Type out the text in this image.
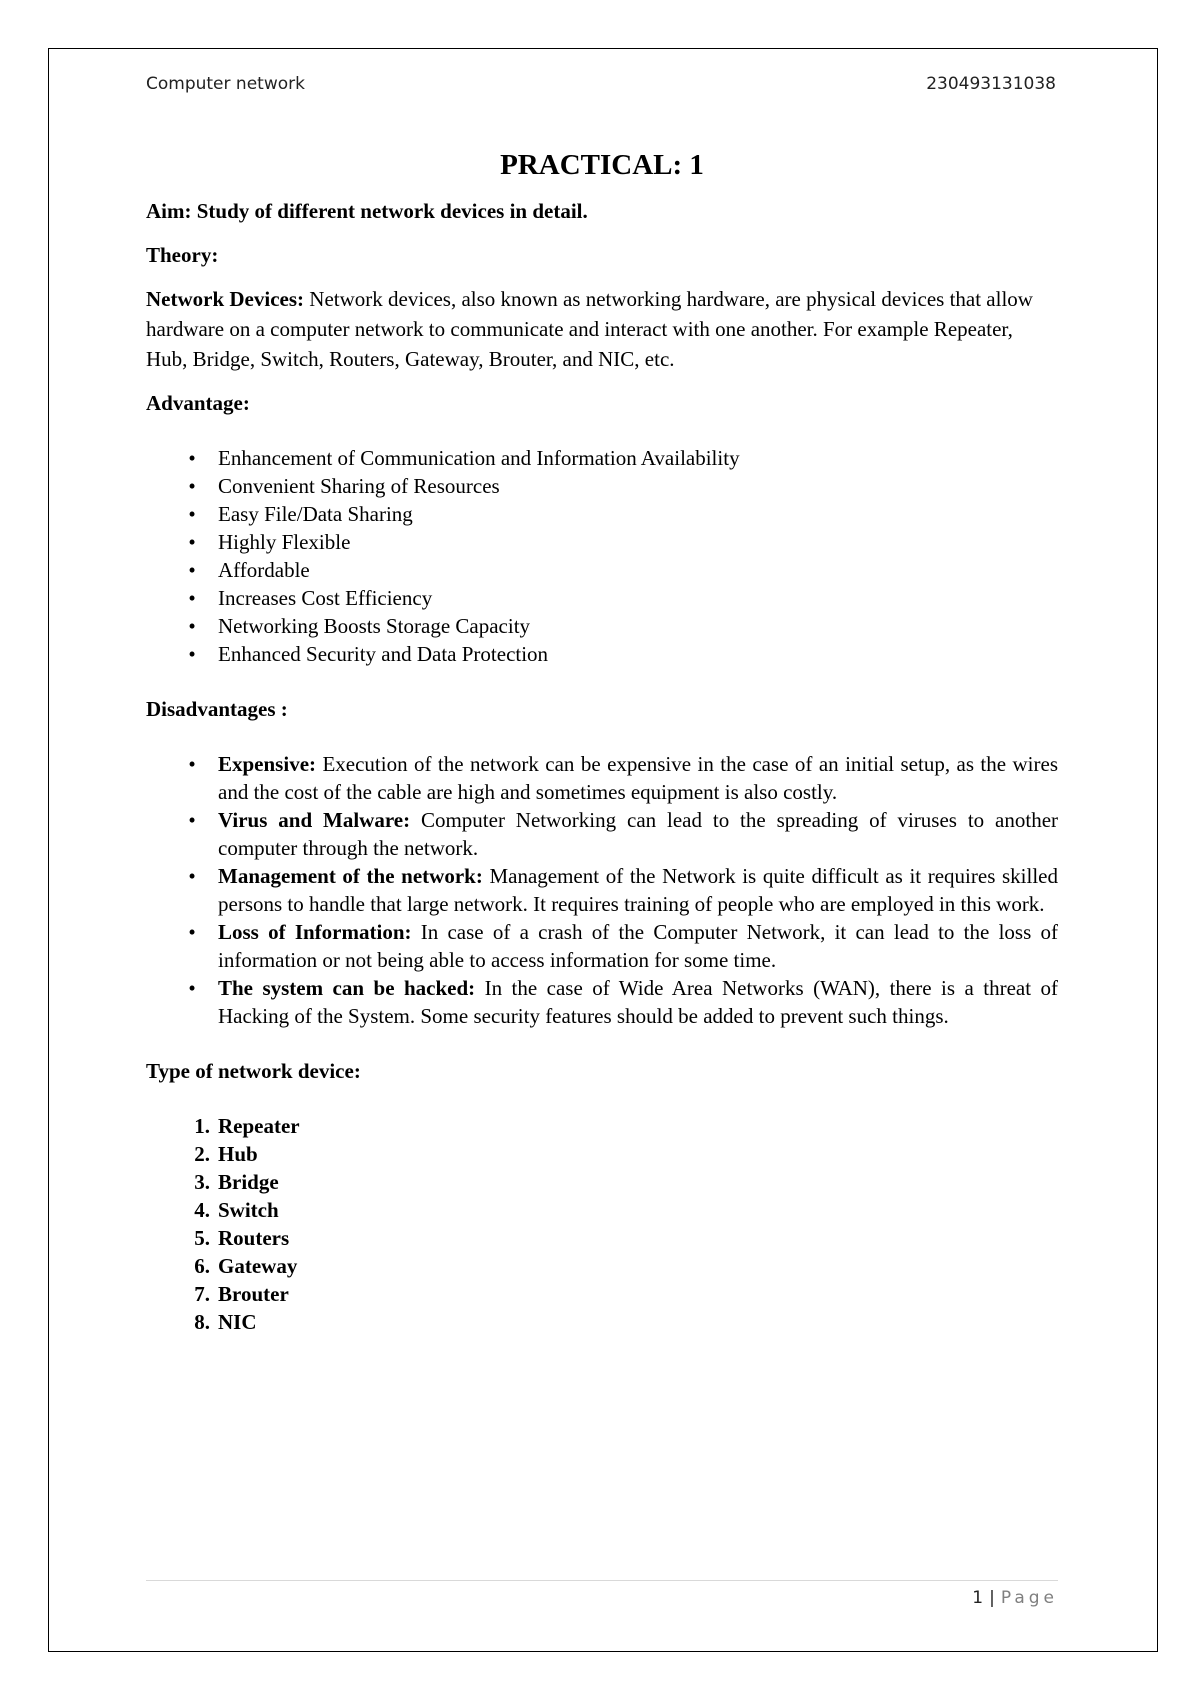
Computer network	230493131038
PRACTICAL: 1
Aim: Study of different network devices in detail.
Theory:
Network Devices: Network devices, also known as networking hardware, are physical devices that allow hardware on a computer network to communicate and interact with one another. For example Repeater, Hub, Bridge, Switch, Routers, Gateway, Brouter, and NIC, etc.
Advantage:
•	Enhancement of Communication and Information Availability
•	Convenient Sharing of Resources
•	Easy File/Data Sharing
•	Highly Flexible
•	Affordable
•	Increases Cost Efficiency
•	Networking Boosts Storage Capacity
•	Enhanced Security and Data Protection
Disadvantages :
•	Expensive: Execution of the network can be expensive in the case of an initial setup, as the wires and the cost of the cable are high and sometimes equipment is also costly.
•	Virus and Malware: Computer Networking can lead to the spreading of viruses to another computer through the network.
•	Management of the network: Management of the Network is quite difficult as it requires skilled persons to handle that large network. It requires training of people who are employed in this work.
•	Loss of Information: In case of a crash of the Computer Network, it can lead to the loss of information or not being able to access information for some time.
•	The system can be hacked: In the case of Wide Area Networks (WAN), there is a threat of Hacking of the System. Some security features should be added to prevent such things.
Type of network device:
1. Repeater
2. Hub
3. Bridge
4. Switch
5. Routers
6. Gateway
7. Brouter
8. NIC
1 | Page
